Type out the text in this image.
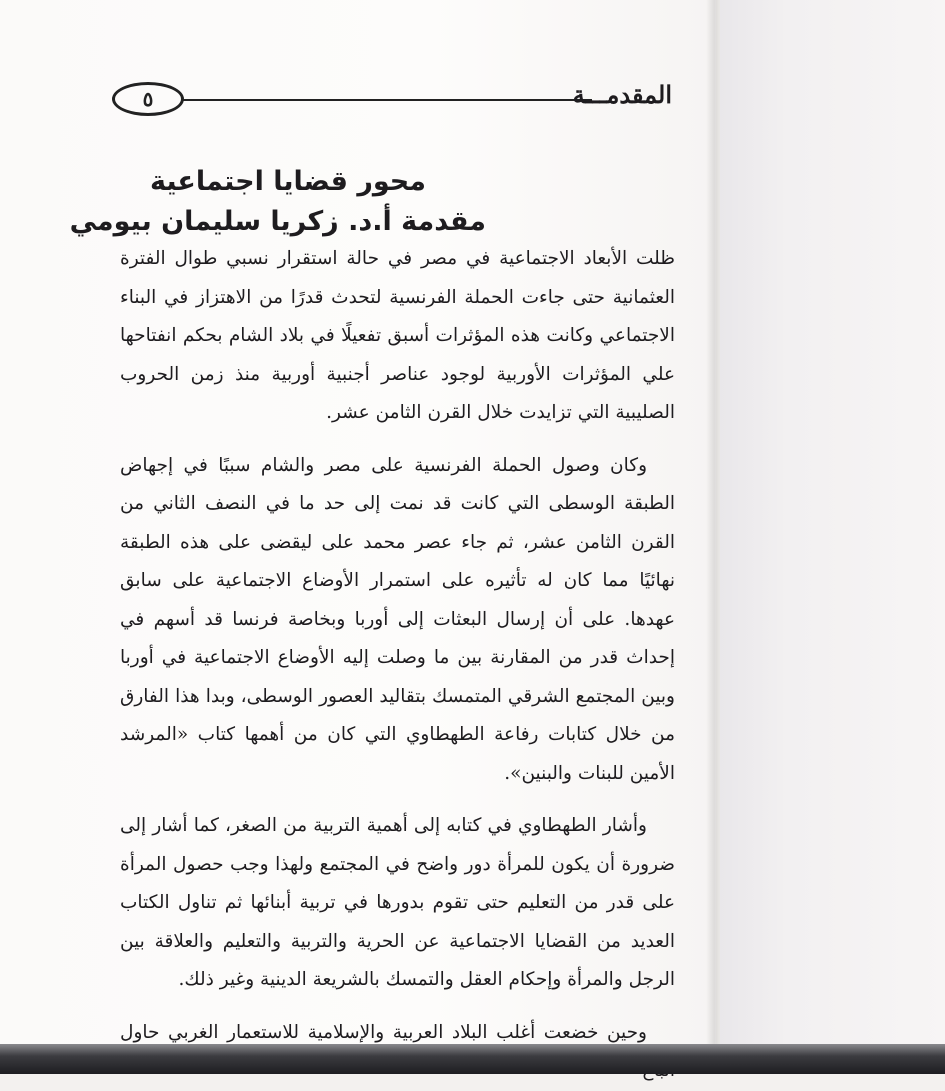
٥	المقدمـــة
محور قضايا اجتماعية
مقدمة أ.د. زكريا سليمان بيومي

ظلت الأبعاد الاجتماعية في مصر في حالة استقرار نسبي طوال الفترة العثمانية حتى جاءت الحملة الفرنسية لتحدث قدرًا من الاهتزاز في البناء الاجتماعي وكانت هذه المؤثرات أسبق تفعيلًا في بلاد الشام بحكم انفتاحها علي المؤثرات الأوربية لوجود عناصر أجنبية أوربية منذ زمن الحروب الصليبية التي تزايدت خلال القرن الثامن عشر.

وكان وصول الحملة الفرنسية على مصر والشام سببًا في إجهاض الطبقة الوسطى التي كانت قد نمت إلى حد ما في النصف الثاني من القرن الثامن عشر، ثم جاء عصر محمد على ليقضى على هذه الطبقة نهائيًا مما كان له تأثيره على استمرار الأوضاع الاجتماعية على سابق عهدها. على أن إرسال البعثات إلى أوربا وبخاصة فرنسا قد أسهم في إحداث قدر من المقارنة بين ما وصلت إليه الأوضاع الاجتماعية في أوربا وبين المجتمع الشرقي المتمسك بتقاليد العصور الوسطى، وبدا هذا الفارق من خلال كتابات رفاعة الطهطاوي التي كان من أهمها كتاب «المرشد الأمين للبنات والبنين».

وأشار الطهطاوي في كتابه إلى أهمية التربية من الصغر، كما أشار إلى ضرورة أن يكون للمرأة دور واضح في المجتمع ولهذا وجب حصول المرأة على قدر من التعليم حتى تقوم بدورها في تربية أبنائها ثم تناول الكتاب العديد من القضايا الاجتماعية عن الحرية والتربية والتعليم والعلاقة بين الرجل والمرأة وإحكام العقل والتمسك بالشريعة الدينية وغير ذلك.

وحين خضعت أغلب البلاد العربية والإسلامية للاستعمار الغربي حاول
